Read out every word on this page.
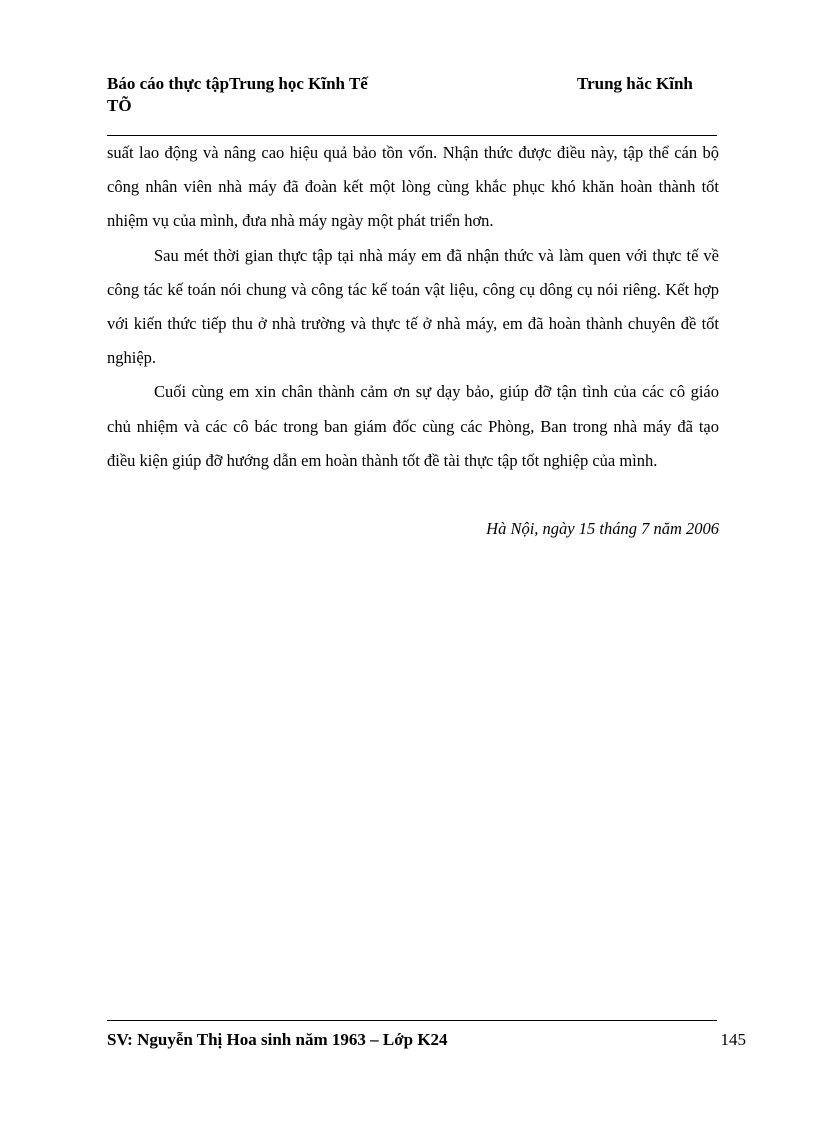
Báo cáo thực tậpTrung học Kĩnh Tế
TÕ
Trung hăc Kĩnh

suất lao động và nâng cao hiệu quả bảo tồn vốn. Nhận thức được điều này, tập thể cán bộ công nhân viên nhà máy đã đoàn kết một lòng cùng khắc phục khó khăn hoàn thành tốt nhiệm vụ của mình, đưa nhà máy ngày một phát triển hơn.

Sau mét thời gian thực tập tại nhà máy em đã nhận thức và làm quen với thực tế về công tác kế toán nói chung và công tác kế toán vật liệu, công cụ dông cụ nói riêng. Kết hợp với kiến thức tiếp thu ở nhà trường và thực tế ở nhà máy, em đã hoàn thành chuyên đề tốt nghiệp.

Cuối cùng em xin chân thành cảm ơn sự dạy bảo, giúp đỡ tận tình của các cô giáo chủ nhiệm và các cô bác trong ban giám đốc cùng các Phòng, Ban trong nhà máy đã tạo điều kiện giúp đỡ hướng dẫn em hoàn thành tốt đề tài thực tập tốt nghiệp của mình.

Hà Nội, ngày 15 tháng 7 năm 2006
SV: Nguyễn Thị Hoa sinh năm 1963 – Lớp K24	145
